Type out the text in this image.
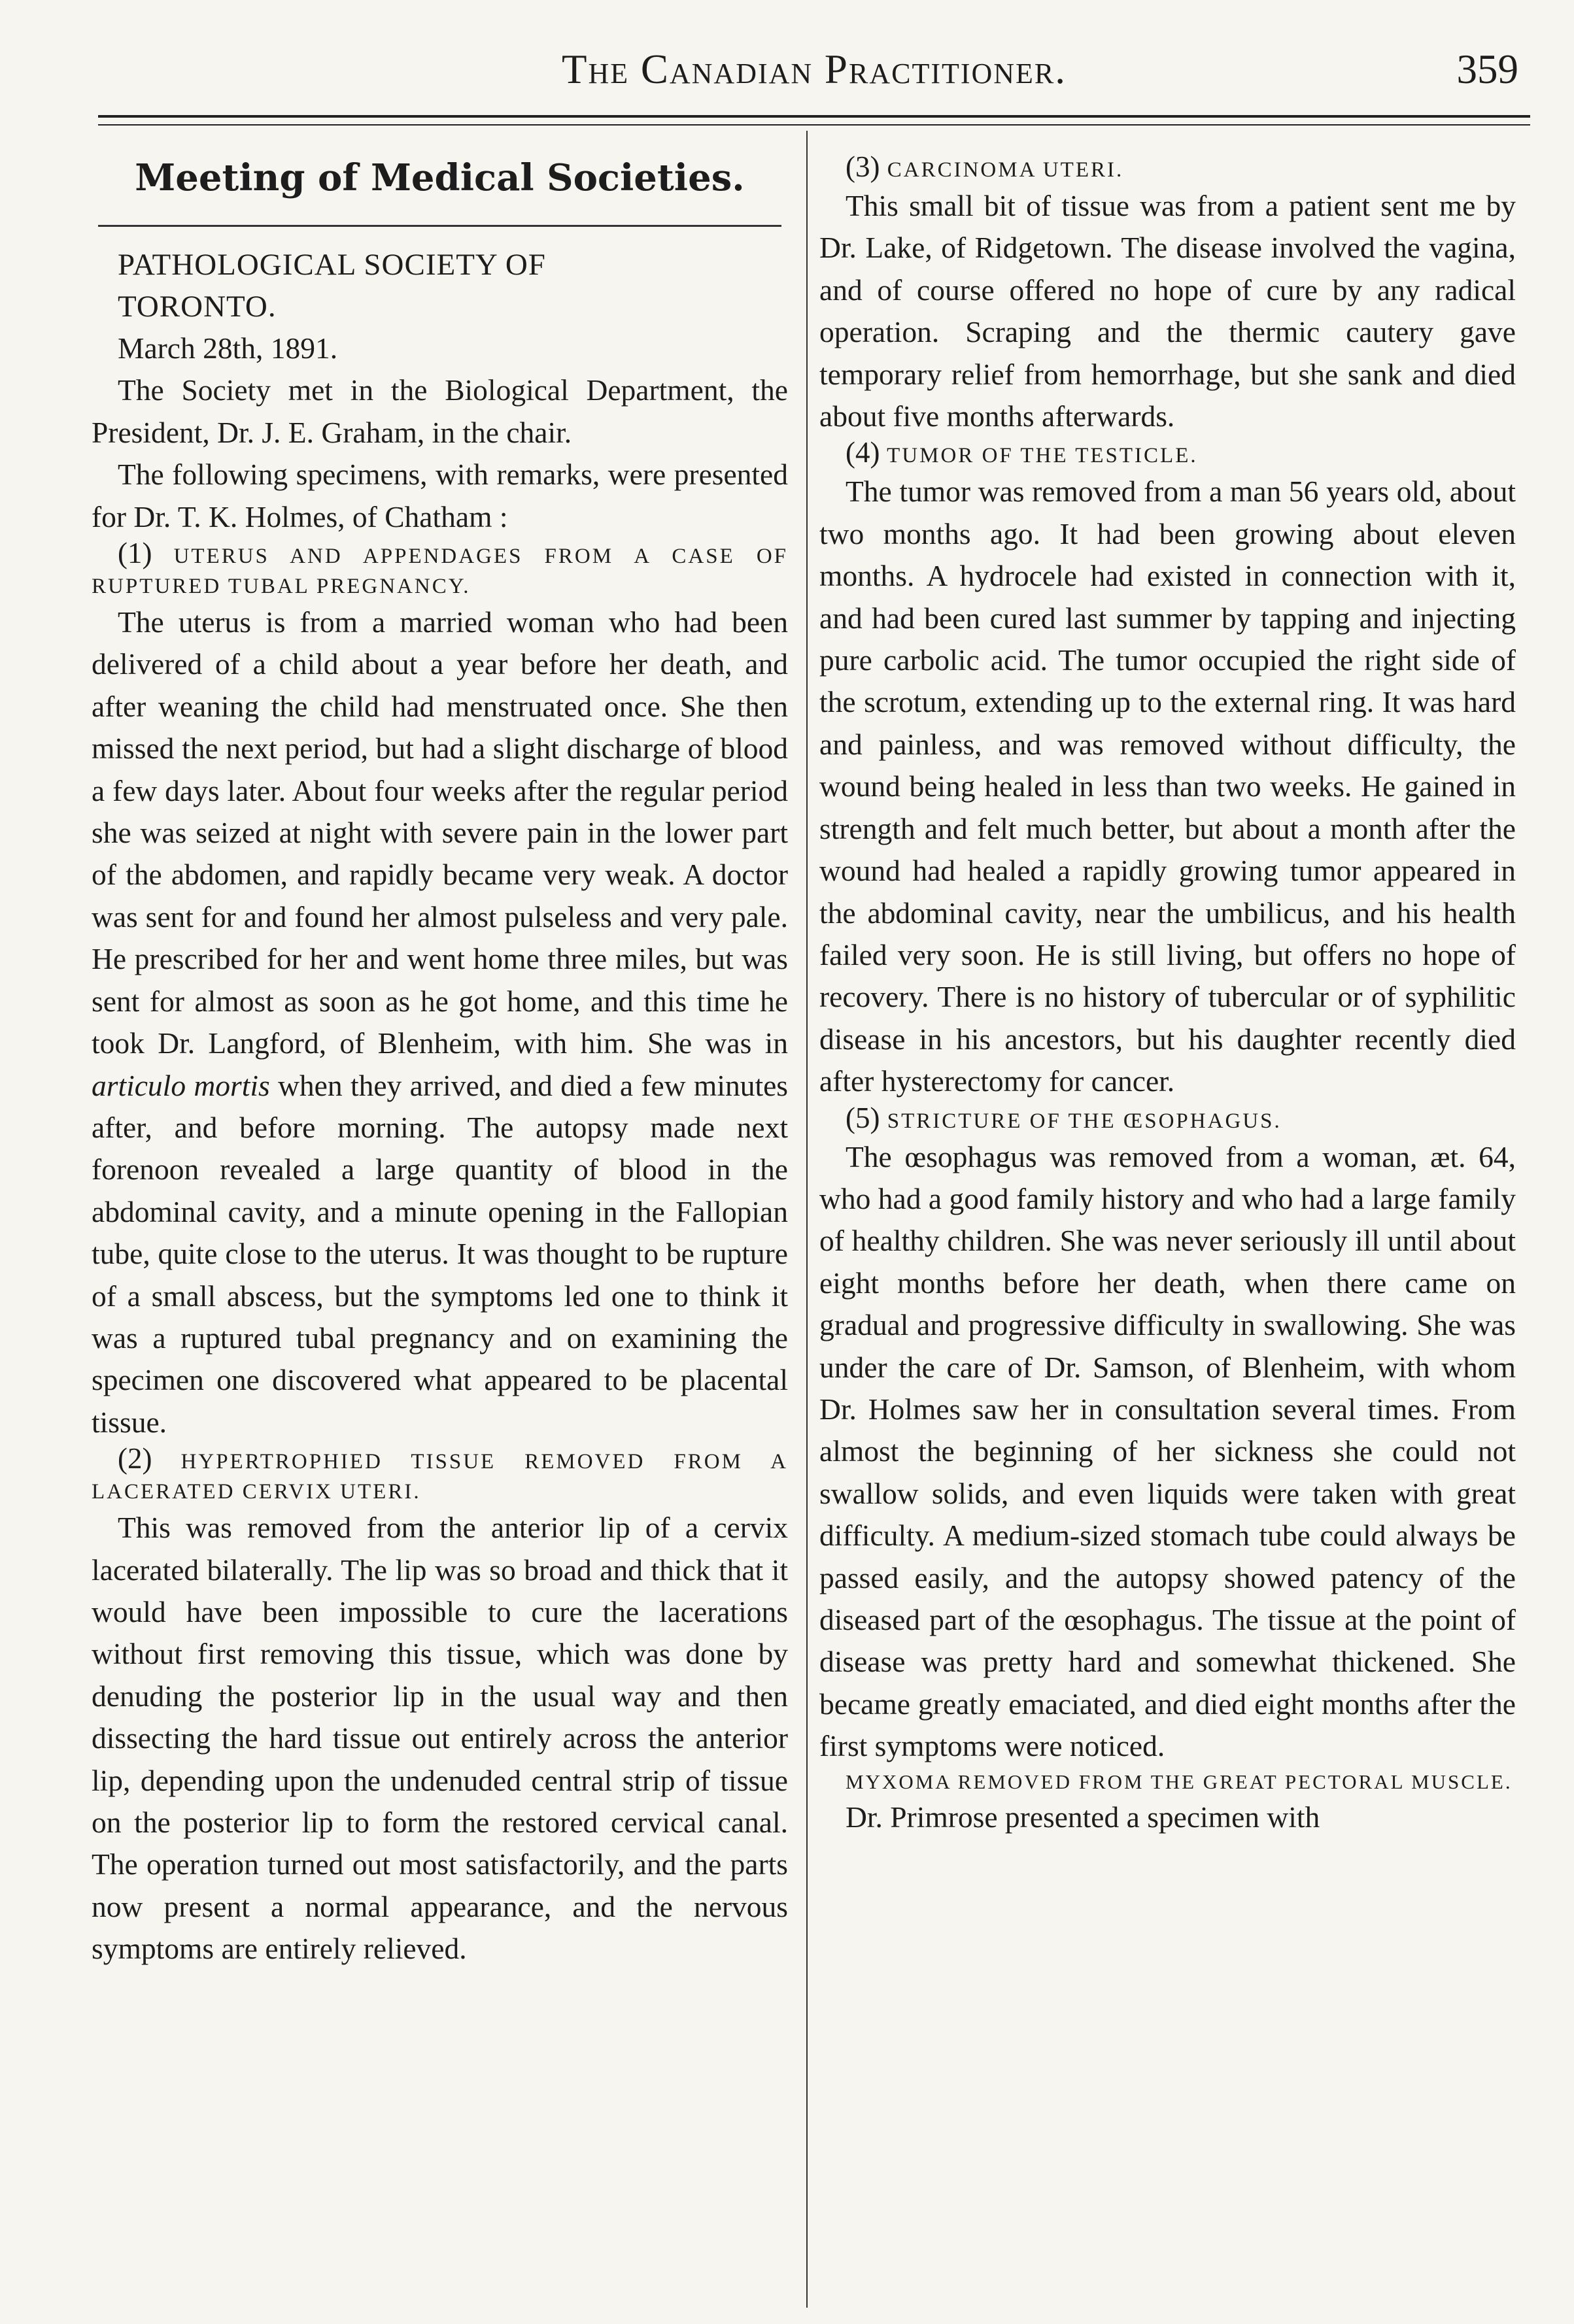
The Canadian Practitioner.	359
Meeting of Medical Societies.

PATHOLOGICAL SOCIETY OF

TORONTO.

March 28th, 1891.

The Society met in the Biological Department, the President, Dr. J. E. Graham, in the chair.

The following specimens, with remarks, were presented for Dr. T. K. Holmes, of Chatham :

(1) UTERUS AND APPENDAGES FROM A CASE OF RUPTURED TUBAL PREGNANCY.

The uterus is from a married woman who had been delivered of a child about a year before her death, and after weaning the child had menstruated once. She then missed the next period, but had a slight discharge of blood a few days later. About four weeks after the regular period she was seized at night with severe pain in the lower part of the abdomen, and rapidly became very weak. A doctor was sent for and found her almost pulseless and very pale. He prescribed for her and went home three miles, but was sent for almost as soon as he got home, and this time he took Dr. Langford, of Blenheim, with him. She was in articulo mortis when they arrived, and died a few minutes after, and before morning. The autopsy made next forenoon revealed a large quantity of blood in the abdominal cavity, and a minute opening in the Fallopian tube, quite close to the uterus. It was thought to be rupture of a small abscess, but the symptoms led one to think it was a ruptured tubal pregnancy and on examining the specimen one discovered what appeared to be placental tissue.

(2) HYPERTROPHIED TISSUE REMOVED FROM A LACERATED CERVIX UTERI.

This was removed from the anterior lip of a cervix lacerated bilaterally. The lip was so broad and thick that it would have been impossible to cure the lacerations without first removing this tissue, which was done by denuding the posterior lip in the usual way and then dissecting the hard tissue out entirely across the anterior lip, depending upon the undenuded central strip of tissue on the posterior lip to form the restored cervical canal. The operation turned out most satisfactorily, and the parts now present a normal appearance, and the nervous symptoms are entirely relieved.

(3) CARCINOMA UTERI.

This small bit of tissue was from a patient sent me by Dr. Lake, of Ridgetown. The disease involved the vagina, and of course offered no hope of cure by any radical operation. Scraping and the thermic cautery gave temporary relief from hemorrhage, but she sank and died about five months afterwards.

(4) TUMOR OF THE TESTICLE.

The tumor was removed from a man 56 years old, about two months ago. It had been growing about eleven months. A hydrocele had existed in connection with it, and had been cured last summer by tapping and injecting pure carbolic acid. The tumor occupied the right side of the scrotum, extending up to the external ring. It was hard and painless, and was removed without difficulty, the wound being healed in less than two weeks. He gained in strength and felt much better, but about a month after the wound had healed a rapidly growing tumor appeared in the abdominal cavity, near the umbilicus, and his health failed very soon. He is still living, but offers no hope of recovery. There is no history of tubercular or of syphilitic disease in his ancestors, but his daughter recently died after hysterectomy for cancer.

(5) STRICTURE OF THE ŒSOPHAGUS.

The œsophagus was removed from a woman, æt. 64, who had a good family history and who had a large family of healthy children. She was never seriously ill until about eight months before her death, when there came on gradual and progressive difficulty in swallowing. She was under the care of Dr. Samson, of Blenheim, with whom Dr. Holmes saw her in consultation several times. From almost the beginning of her sickness she could not swallow solids, and even liquids were taken with great difficulty. A medium-sized stomach tube could always be passed easily, and the autopsy showed patency of the diseased part of the œsophagus. The tissue at the point of disease was pretty hard and somewhat thickened. She became greatly emaciated, and died eight months after the first symptoms were noticed.

MYXOMA REMOVED FROM THE GREAT PECTORAL MUSCLE.

Dr. Primrose presented a specimen with
